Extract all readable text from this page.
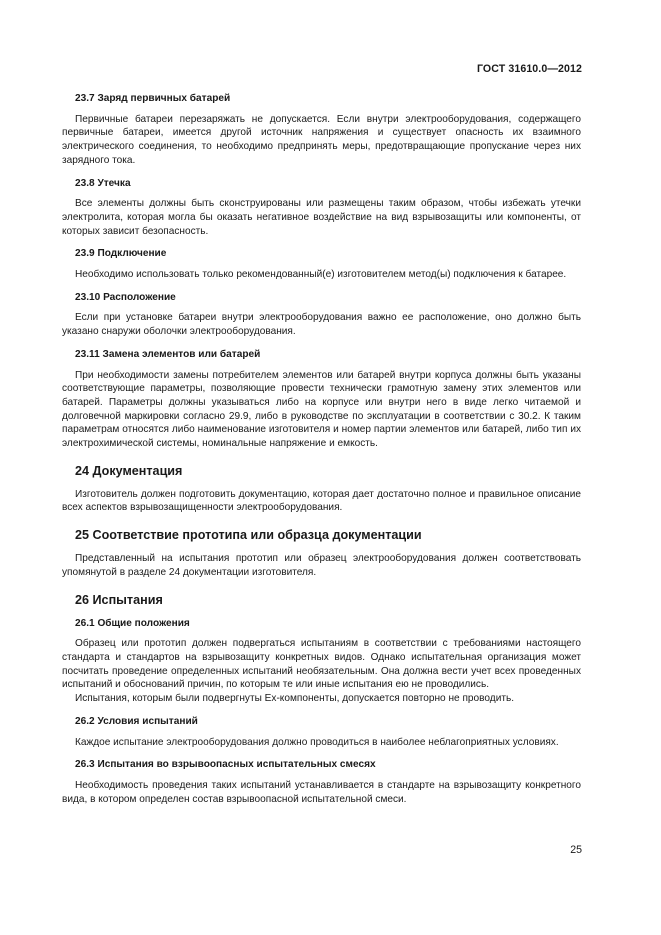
ГОСТ 31610.0—2012
23.7 Заряд первичных батарей

Первичные батареи перезаряжать не допускается. Если внутри электрооборудования, содержащего первичные батареи, имеется другой источник напряжения и существует опасность их взаимного электрического соединения, то необходимо предпринять меры, предотвращающие пропускание через них зарядного тока.

23.8 Утечка

Все элементы должны быть сконструированы или размещены таким образом, чтобы избежать утечки электролита, которая могла бы оказать негативное воздействие на вид взрывозащиты или компоненты, от которых зависит безопасность.

23.9 Подключение

Необходимо использовать только рекомендованный(е) изготовителем метод(ы) подключения к батарее.

23.10 Расположение

Если при установке батареи внутри электрооборудования важно ее расположение, оно должно быть указано снаружи оболочки электрооборудования.

23.11 Замена элементов или батарей

При необходимости замены потребителем элементов или батарей внутри корпуса должны быть указаны соответствующие параметры, позволяющие провести технически грамотную замену этих элементов или батарей. Параметры должны указываться либо на корпусе или внутри него в виде легко читаемой и долговечной маркировки согласно 29.9, либо в руководстве по эксплуатации в соответствии с 30.2. К таким параметрам относятся либо наименование изготовителя и номер партии элементов или батарей, либо тип их электрохимической системы, номинальные напряжение и емкость.

24 Документация

Изготовитель должен подготовить документацию, которая дает достаточно полное и правильное описание всех аспектов взрывозащищенности электрооборудования.

25 Соответствие прототипа или образца документации

Представленный на испытания прототип или образец электрооборудования должен соответствовать упомянутой в разделе 24 документации изготовителя.

26 Испытания
26.1 Общие положения

Образец или прототип должен подвергаться испытаниям в соответствии с требованиями настоящего стандарта и стандартов на взрывозащиту конкретных видов. Однако испытательная организация может посчитать проведение определенных испытаний необязательным. Она должна вести учет всех проведенных испытаний и обоснований причин, по которым те или иные испытания ею не проводились.

Испытания, которым были подвергнуты Ex-компоненты, допускается повторно не проводить.

26.2 Условия испытаний

Каждое испытание электрооборудования должно проводиться в наиболее неблагоприятных условиях.

26.3 Испытания во взрывоопасных испытательных смесях

Необходимость проведения таких испытаний устанавливается в стандарте на взрывозащиту конкретного вида, в котором определен состав взрывоопасной испытательной смеси.

25
